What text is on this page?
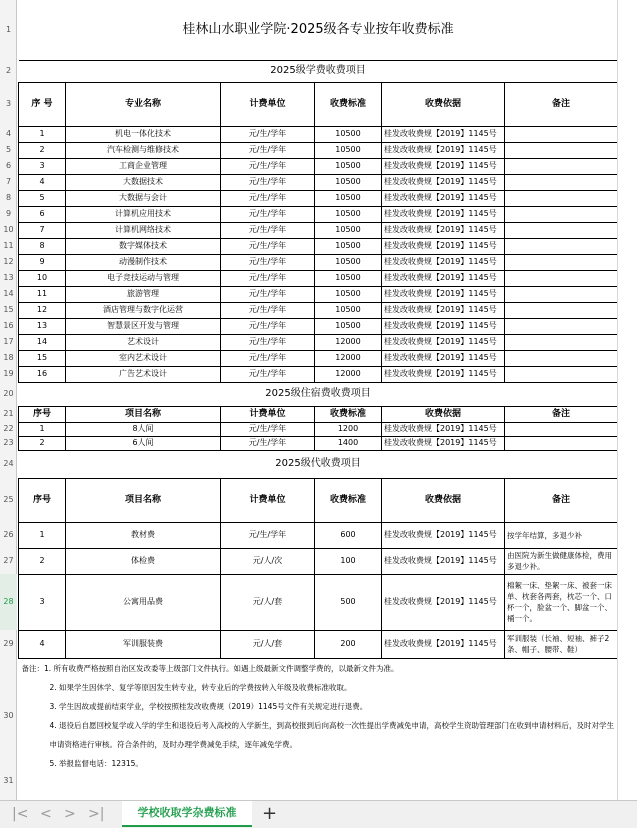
1
2
3
4
5
6
7
8
9
10
11
12
13
14
15
16
17
18
19
20
21
22
23
24
25
26
27
28
29
30
31
桂林山水职业学院·2025级各专业按年收费标准					
2025级学费收费项目					
序 号	专业名称	计费单位	收费标准	收费依据	备注
1	机电一体化技术	元/生/学年	10500	桂发改收费规【2019】1145号	
2	汽车检测与维修技术	元/生/学年	10500	桂发改收费规【2019】1145号	
3	工商企业管理	元/生/学年	10500	桂发改收费规【2019】1145号	
4	大数据技术	元/生/学年	10500	桂发改收费规【2019】1145号	
5	大数据与会计	元/生/学年	10500	桂发改收费规【2019】1145号	
6	计算机应用技术	元/生/学年	10500	桂发改收费规【2019】1145号	
7	计算机网络技术	元/生/学年	10500	桂发改收费规【2019】1145号	
8	数字媒体技术	元/生/学年	10500	桂发改收费规【2019】1145号	
9	动漫制作技术	元/生/学年	10500	桂发改收费规【2019】1145号	
10	电子竞技运动与管理	元/生/学年	10500	桂发改收费规【2019】1145号	
11	旅游管理	元/生/学年	10500	桂发改收费规【2019】1145号	
12	酒店管理与数字化运营	元/生/学年	10500	桂发改收费规【2019】1145号	
13	智慧景区开发与管理	元/生/学年	10500	桂发改收费规【2019】1145号	
14	艺术设计	元/生/学年	12000	桂发改收费规【2019】1145号	
15	室内艺术设计	元/生/学年	12000	桂发改收费规【2019】1145号	
16	广告艺术设计	元/生/学年	12000	桂发改收费规【2019】1145号	
2025级住宿费收费项目					
序号	项目名称	计费单位	收费标准	收费依据	备注
1	8人间	元/生/学年	1200	桂发改收费规【2019】1145号	
2	6人间	元/生/学年	1400	桂发改收费规【2019】1145号	
2025级代收费项目					
序号	项目名称	计费单位	收费标准	收费依据	备注
1	教材费	元/生/学年	600	桂发改收费规【2019】1145号	按学年结算，多退少补
2	体检费	元/人/次	100	桂发改收费规【2019】1145号	由医院为新生做健康体检，费用多退少补。
3	公寓用品费	元/人/套	500	桂发改收费规【2019】1145号	棉絮一床、垫絮一床、被套一床单、枕套各两套，枕芯一个、口杯一个，脸盆一个、脚盆一个、桶一个。
4	军训服装费	元/人/套	200	桂发改收费规【2019】1145号	军训服装（长袖、短袖、裤子2条、帽子、腰带、鞋）

备注：1. 所有收费严格按照自治区发改委等上级部门文件执行。如遇上级最新文件调整学费的，以最新文件为准。
2. 如果学生因休学、复学等原因发生转专业，转专业后的学费按转入年级及收费标准收取。
3. 学生因故或提前结束学业，学校按照桂发改收费规（2019）1145号文件有关规定进行退费。
4. 退役后自愿回校复学或入学的学生和退役后考入高校的入学新生，到高校报到后向高校一次性提出学费减免申请，高校学生资助管理部门在收到申请材料后，及时对学生申请资格进行审核。符合条件的，及时办理学费减免手续，逐年减免学费。
5. 举报监督电话：12315。					

|< < > >|	学校收取学杂费标准	+
